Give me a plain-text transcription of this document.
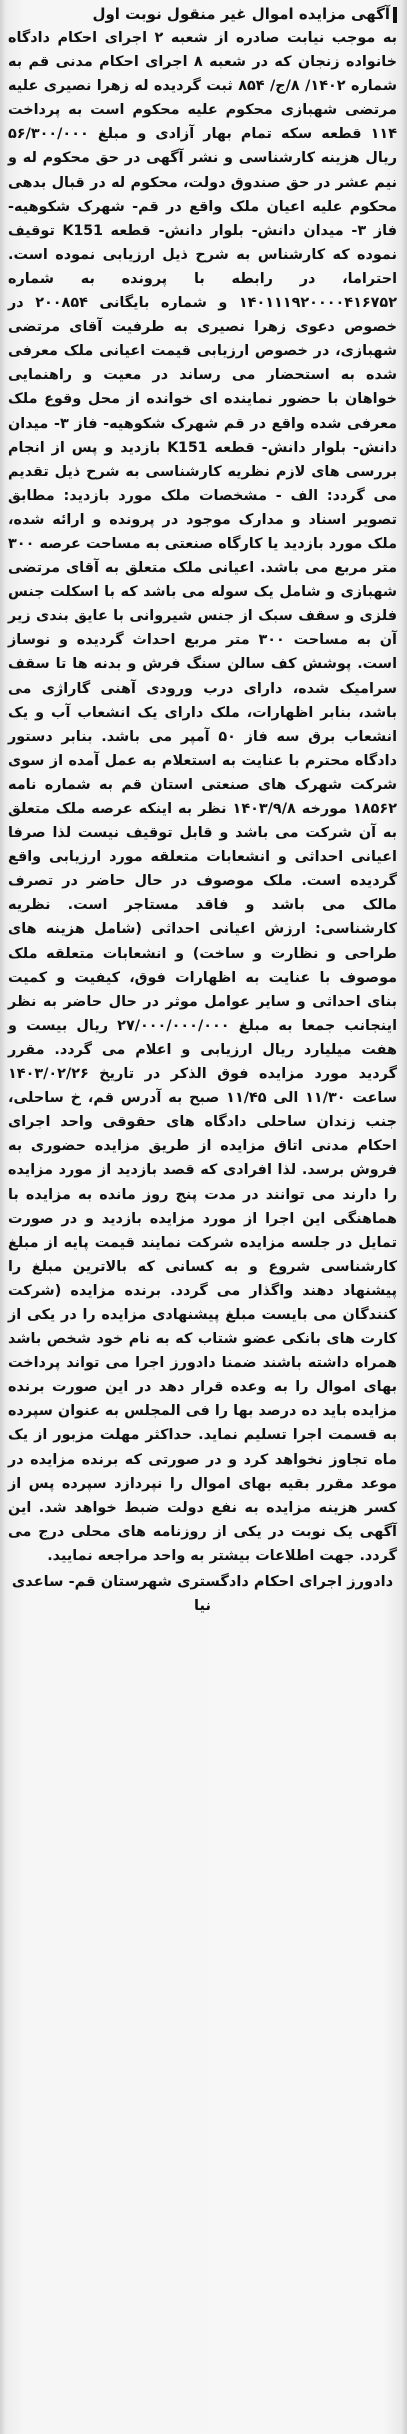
آگهی مزایده اموال غیر منقول نوبت اول

به موجب نیابت صادره از شعبه ۲ اجرای احکام دادگاه خانواده زنجان که در شعبه ۸ اجرای احکام مدنی قم به شماره ۱۴۰۲/ ۸/ج/ ۸۵۴ ثبت گردیده له زهرا نصیری علیه مرتضی شهبازی محکوم علیه محکوم است به پرداخت ۱۱۴ قطعه سکه تمام بهار آزادی و مبلغ ۵۶/۳۰۰/۰۰۰ ریال هزینه کارشناسی و نشر آگهی در حق محکوم له و نیم عشر در حق صندوق دولت، محکوم له در قبال بدهی محکوم علیه اعیان ملک واقع در قم- شهرک شکوهیه- فاز ۳- میدان دانش- بلوار دانش- قطعه K151 توقیف نموده که کارشناس به شرح ذیل ارزیابی نموده است. احتراما، در رابطه با پرونده به شماره ۱۴۰۱۱۱۹۲۰۰۰۰۴۱۶۷۵۲ و شماره بایگانی ۲۰۰۸۵۴ در خصوص دعوی زهرا نصیری به طرفیت آقای مرتضی شهبازی، در خصوص ارزیابی قیمت اعیانی ملک معرفی شده به استحضار می رساند در معیت و راهنمایی خواهان با حضور نماینده ای خوانده از محل وقوع ملک معرفی شده واقع در قم شهرک شکوهیه- فاز ۳- میدان دانش- بلوار دانش- قطعه K151 بازدید و پس از انجام بررسی های لازم نظریه کارشناسی به شرح ذیل تقدیم می گردد: الف - مشخصات ملک مورد بازدید: مطابق تصویر اسناد و مدارک موجود در پرونده و ارائه شده، ملک مورد بازدید یا کارگاه صنعتی به مساحت عرصه ۳۰۰ متر مربع می باشد. اعیانی ملک متعلق به آقای مرتضی شهبازی و شامل یک سوله می باشد که با اسکلت جنس فلزی و سقف سبک از جنس شیروانی با عایق بندی زیر آن به مساحت ۳۰۰ متر مربع احداث گردیده و نوساز است. پوشش کف سالن سنگ فرش و بدنه ها تا سقف سرامیک شده، دارای درب ورودی آهنی گاراژی می باشد، بنابر اظهارات، ملک دارای یک انشعاب آب و یک انشعاب برق سه فاز ۵۰ آمپر می باشد. بنابر دستور دادگاه محترم با عنایت به استعلام به عمل آمده از سوی شرکت شهرک های صنعتی استان قم به شماره نامه ۱۸۵۶۲ مورخه ۱۴۰۳/۹/۸ نظر به اینکه عرصه ملک متعلق به آن شرکت می باشد و قابل توقیف نیست لذا صرفا اعیانی احداثی و انشعابات متعلقه مورد ارزیابی واقع گردیده است. ملک موصوف در حال حاضر در تصرف مالک می باشد و فاقد مستاجر است. نظریه کارشناسی: ارزش اعیانی احداثی (شامل هزینه های طراحی و نظارت و ساخت) و انشعابات متعلقه ملک موصوف با عنایت به اظهارات فوق، کیفیت و کمیت بنای احداثی و سایر عوامل موثر در حال حاضر به نظر اینجانب جمعا به مبلغ ۲۷/۰۰۰/۰۰۰/۰۰۰ ریال بیست و هفت میلیارد ریال ارزیابی و اعلام می گردد. مقرر گردید مورد مزایده فوق الذکر در تاریخ ۱۴۰۳/۰۲/۲۶ ساعت ۱۱/۳۰ الی ۱۱/۴۵ صبح به آدرس قم، خ ساحلی، جنب زندان ساحلی دادگاه های حقوقی واحد اجرای احکام مدنی اتاق مزایده از طریق مزایده حضوری به فروش برسد. لذا افرادی که قصد بازدید از مورد مزایده را دارند می توانند در مدت پنج روز مانده به مزایده با هماهنگی این اجرا از مورد مزایده بازدید و در صورت تمایل در جلسه مزایده شرکت نمایند قیمت پایه از مبلغ کارشناسی شروع و به کسانی که بالاترین مبلغ را پیشنهاد دهند واگذار می گردد. برنده مزایده (شرکت کنندگان می بایست مبلغ پیشنهادی مزایده را در یکی از کارت های بانکی عضو شتاب که به نام خود شخص باشد همراه داشته باشند ضمنا دادورز اجرا می تواند پرداخت بهای اموال را به وعده قرار دهد در این صورت برنده مزایده باید ده درصد بها را فی المجلس به عنوان سپرده به قسمت اجرا تسلیم نماید. حداکثر مهلت مزبور از یک ماه تجاوز نخواهد کرد و در صورتی که برنده مزایده در موعد مقرر بقیه بهای اموال را نپردازد سپرده پس از کسر هزینه مزایده به نفع دولت ضبط خواهد شد. این آگهی یک نوبت در یکی از روزنامه های محلی درج می گردد. جهت اطلاعات بیشتر به واحد مراجعه نمایید.

دادورز اجرای احکام دادگستری شهرستان قم- ساعدی نیا
